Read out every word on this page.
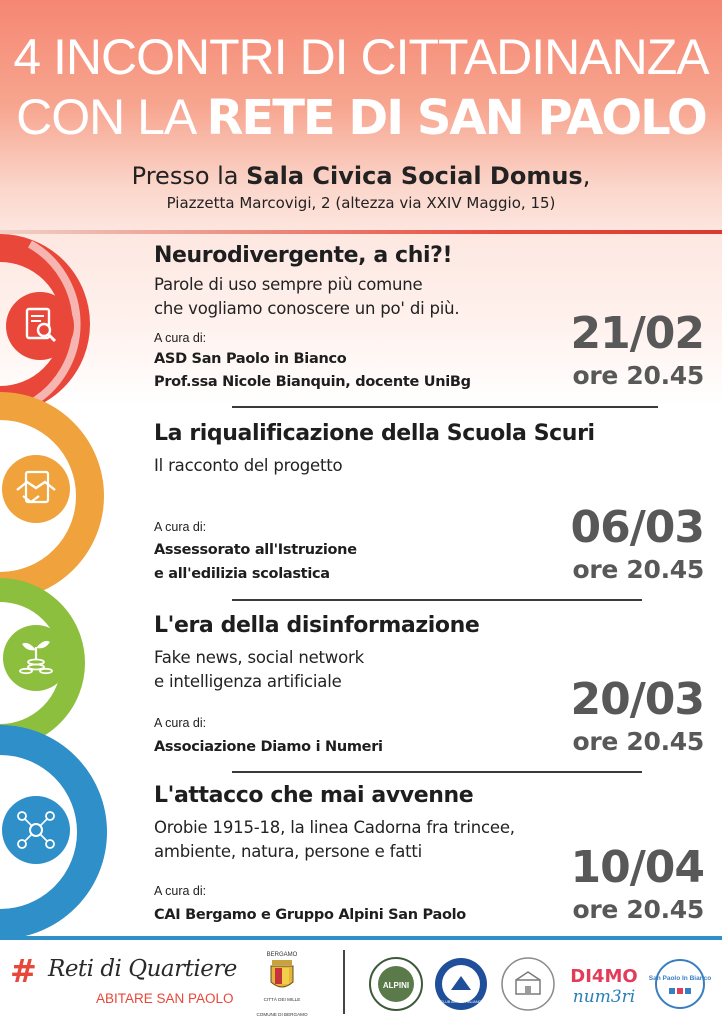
4 INCONTRI DI CITTADINANZA
CON LA RETE DI SAN PAOLO
Presso la Sala Civica Social Domus,
Piazzetta Marcovigi, 2 (altezza via XXIV Maggio, 15)
Neurodivergente, a chi?!
Parole di uso sempre più comune
che vogliamo conoscere un po' di più.
A cura di:
ASD San Paolo in Bianco
Prof.ssa Nicole Bianquin, docente UniBg
21/02
ore 20.45
La riqualificazione della Scuola Scuri
Il racconto del progetto
A cura di:
Assessorato all'Istruzione
e all'edilizia scolastica
06/03
ore 20.45
L'era della disinformazione
Fake news, social network
e intelligenza artificiale
A cura di:
Associazione Diamo i Numeri
20/03
ore 20.45
L'attacco che mai avvenne
Orobie 1915-18, la linea Cadorna fra trincee,
ambiente, natura, persone e fatti
A cura di:
CAI Bergamo e Gruppo Alpini San Paolo
10/04
ore 20.45
# Reti di Quartiere
ABITARE SAN PAOLO
BERGAMO
CITTÀ DEI MILLE
COMUNE DI BERGAMO
ALPINI
CLUB ALPINO ITALIANO
DI4MO
num3ri
San Paolo In Bianco
